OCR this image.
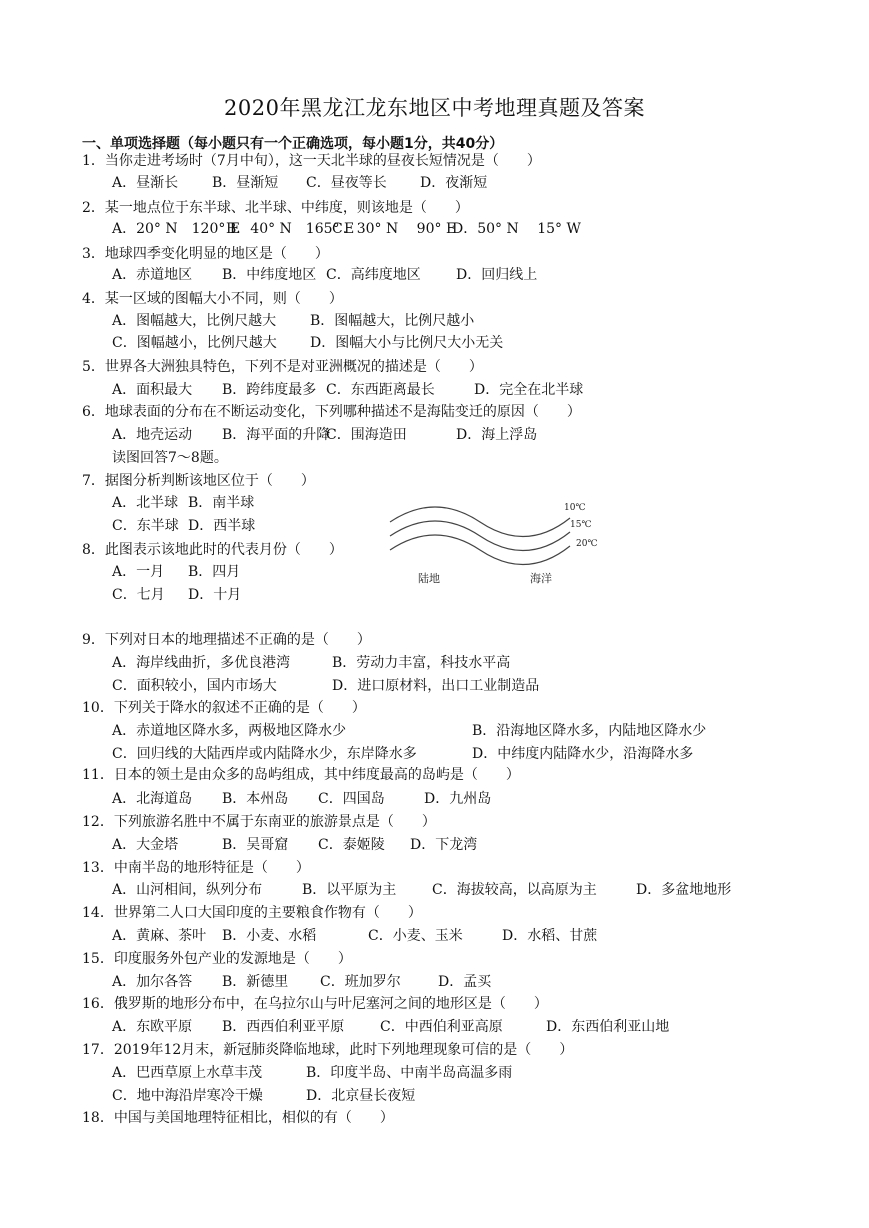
2020年黑龙江龙东地区中考地理真题及答案
一、单项选择题（每小题只有一个正确选项，每小题1分，共40分）
1．当你走进考场时（7月中旬），这一天北半球的昼夜长短情况是（　　）
A．昼渐长 B．昼渐短 C．昼夜等长 D．夜渐短
2．某一地点位于东半球、北半球、中纬度，则该地是（　　）
A．20° N　120° E
B．40° N　165° E
C．30° N　 90° E
D．50° N　 15° W
3．地球四季变化明显的地区是（　　）
A．赤道地区 B．中纬度地区 C．高纬度地区	D．回归线上
4．某一区域的图幅大小不同，则（　　）
A．图幅越大，比例尺越大 B．图幅越大，比例尺越小
C．图幅越小，比例尺越大 D．图幅大小与比例尺大小无关
5．世界各大洲独具特色，下列不是对亚洲概况的描述是（　　）
A．面积最大 B．跨纬度最多 C．东西距离最长	D．完全在北半球
6．地球表面的分布在不断运动变化，下列哪种描述不是海陆变迁的原因（　　）
A．地壳运动 B．海平面的升降
C．围海造田	D．海上浮岛
读图回答7～8题。
7．据图分析判断该地区位于（　　）
A．北半球 B．南半球
C．东半球 D．西半球
8．此图表示该地此时的代表月份（　　）
A．一月 B．四月
C．七月 D．十月
9．下列对日本的地理描述不正确的是（　　）
A．海岸线曲折，多优良港湾	B．劳动力丰富，科技水平高
C．面积较小，国内市场大	D．进口原材料，出口工业制造品
10．下列关于降水的叙述不正确的是（　　）
A．赤道地区降水多，两极地区降水少	B．沿海地区降水多，内陆地区降水少
C．回归线的大陆西岸或内陆降水少，东岸降水多	D．中纬度内陆降水少，沿海降水多
11．日本的领土是由众多的岛屿组成，其中纬度最高的岛屿是（　　）
A．北海道岛 B．本州岛 C．四国岛	D．九州岛
12．下列旅游名胜中不属于东南亚的旅游景点是（　　）
A．大金塔	B．吴哥窟 C．泰姬陵 D．下龙湾
13．中南半岛的地形特征是（　　）
A．山河相间，纵列分布	B．以平原为主	C．海拔较高，以高原为主	D．多盆地地形
14．世界第二人口大国印度的主要粮食作物有（　　）
A．黄麻、茶叶 B．小麦、水稻	C．小麦、玉米	D．水稻、甘蔗
15．印度服务外包产业的发源地是（　　）
A．加尔各答 B．新德里 C．班加罗尔	D．孟买
16．俄罗斯的地形分布中，在乌拉尔山与叶尼塞河之间的地形区是（　　）
A．东欧平原 B．西西伯利亚平原	C．中西伯利亚高原	D．东西伯利亚山地
17．2019年12月末，新冠肺炎降临地球，此时下列地理现象可信的是（　　）
A．巴西草原上水草丰茂	B．印度半岛、中南半岛高温多雨
C．地中海沿岸寒冷干燥	D．北京昼长夜短
18．中国与美国地理特征相比，相似的有（　　）
10℃
15℃
20℃
陆地	海洋
